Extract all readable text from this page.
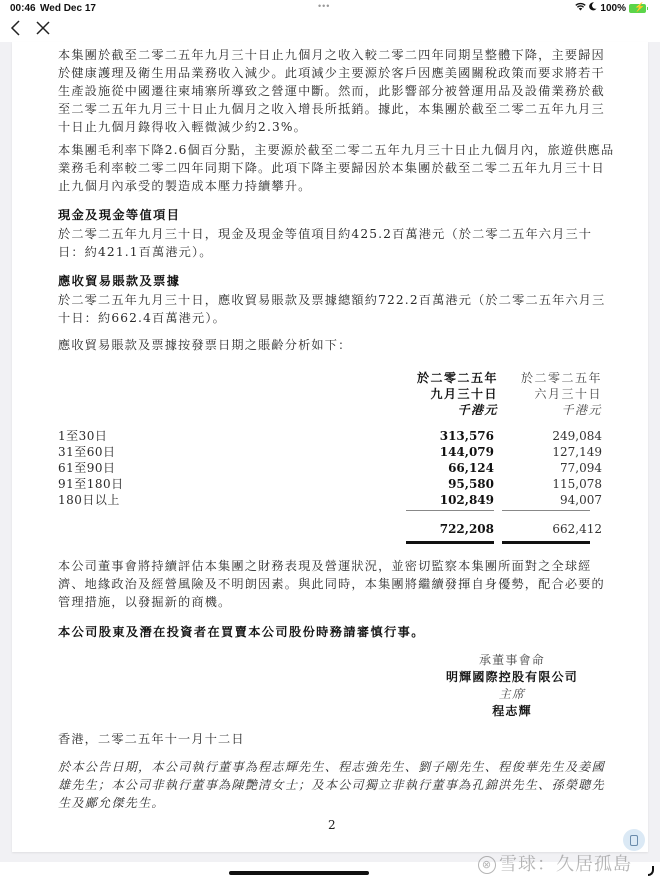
00:46 Wed Dec 17	•••	100% ⚡
本集團於截至二零二五年九月三十日止九個月之收入較二零二四年同期呈整體下降，主要歸因於健康護理及衛生用品業務收入減少。此項減少主要源於客戶因應美國關稅政策而要求將若干生產設施從中國遷往柬埔寨所導致之營運中斷。然而，此影響部分被營運用品及設備業務於截至二零二五年九月三十日止九個月之收入增長所抵銷。據此，本集團於截至二零二五年九月三十日止九個月錄得收入輕微減少約2.3%。
本集團毛利率下降2.6個百分點，主要源於截至二零二五年九月三十日止九個月內，旅遊供應品業務毛利率較二零二四年同期下降。此項下降主要歸因於本集團於截至二零二五年九月三十日止九個月內承受的製造成本壓力持續攀升。
現金及現金等值項目
於二零二五年九月三十日，現金及現金等值項目約425.2百萬港元（於二零二五年六月三十日：約421.1百萬港元）。
應收貿易賬款及票據
於二零二五年九月三十日，應收貿易賬款及票據總額約722.2百萬港元（於二零二五年六月三十日：約662.4百萬港元）。
應收貿易賬款及票據按發票日期之賬齡分析如下：
於二零二五年
九月三十日
千港元
於二零二五年
六月三十日
千港元
1至30日	313,576	249,084
31至60日	144,079	127,149
61至90日	66,124	77,094
91至180日	95,580	115,078
180日以上	102,849	94,007
722,208	662,412
本公司董事會將持續評估本集團之財務表現及營運狀況，並密切監察本集團所面對之全球經濟、地緣政治及經營風險及不明朗因素。與此同時，本集團將繼續發揮自身優勢，配合必要的管理措施，以發掘新的商機。
本公司股東及潛在投資者在買賣本公司股份時務請審慎行事。
承董事會命
明輝國際控股有限公司
主席
程志輝
香港，二零二五年十一月十二日
於本公告日期，本公司執行董事為程志輝先生、程志強先生、劉子剛先生、程俊華先生及姜國雄先生；本公司非執行董事為陳艷清女士；及本公司獨立非執行董事為孔錦洪先生、孫榮聰先生及鄺允傑先生。
2
⊗ 雪球：久居孤島
